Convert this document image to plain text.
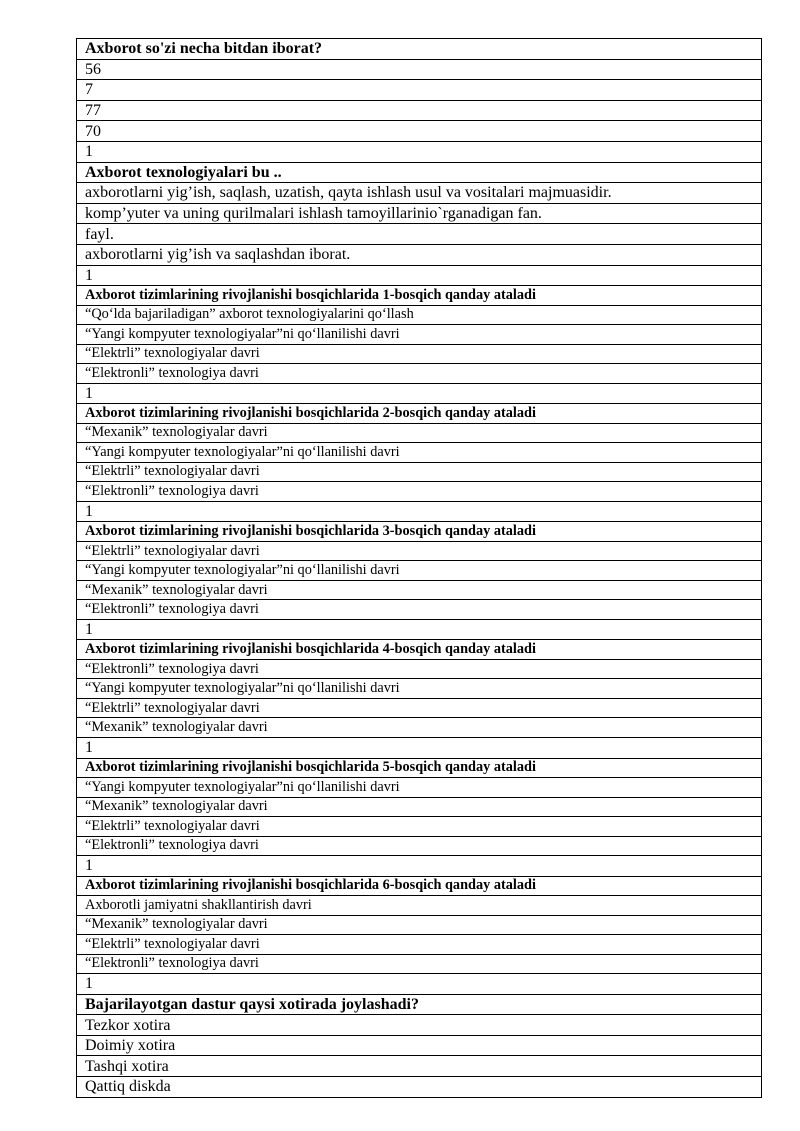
Axborot so'zi necha bitdan iborat?
56
7
77
70
1
Axborot texnologiyalari bu ..
axborotlarni yig’ish, saqlash, uzatish, qayta ishlash usul va vositalari majmuasidir.
komp’yuter va uning qurilmalari ishlash tamoyillarinio`rganadigan fan.
fayl.
axborotlarni yig’ish va saqlashdan iborat.
1
Axborot tizimlarining rivojlanishi bosqichlarida 1-bosqich qanday ataladi
“Qo‘lda bajariladigan” axborot texnologiyalarini qo‘llash
“Yangi kompyuter texnologiyalar”ni qo‘llanilishi davri
“Elektrli” texnologiyalar davri
“Elektronli” texnologiya davri
1
Axborot tizimlarining rivojlanishi bosqichlarida 2-bosqich qanday ataladi
“Mexanik” texnologiyalar davri
“Yangi kompyuter texnologiyalar”ni qo‘llanilishi davri
“Elektrli” texnologiyalar davri
“Elektronli” texnologiya davri
1
Axborot tizimlarining rivojlanishi bosqichlarida 3-bosqich qanday ataladi
“Elektrli” texnologiyalar davri
“Yangi kompyuter texnologiyalar”ni qo‘llanilishi davri
“Mexanik” texnologiyalar davri
“Elektronli” texnologiya davri
1
Axborot tizimlarining rivojlanishi bosqichlarida 4-bosqich qanday ataladi
“Elektronli” texnologiya davri
“Yangi kompyuter texnologiyalar”ni qo‘llanilishi davri
“Elektrli” texnologiyalar davri
“Mexanik” texnologiyalar davri
1
Axborot tizimlarining rivojlanishi bosqichlarida 5-bosqich qanday ataladi
“Yangi kompyuter texnologiyalar”ni qo‘llanilishi davri
“Mexanik” texnologiyalar davri
“Elektrli” texnologiyalar davri
“Elektronli” texnologiya davri
1
Axborot tizimlarining rivojlanishi bosqichlarida 6-bosqich qanday ataladi
Axborotli jamiyatni shakllantirish davri
“Mexanik” texnologiyalar davri
“Elektrli” texnologiyalar davri
“Elektronli” texnologiya davri
1
Bajarilayotgan dastur qaysi xotirada joylashadi?
Tezkor xotira
Doimiy xotira
Tashqi xotira
Qattiq diskda
